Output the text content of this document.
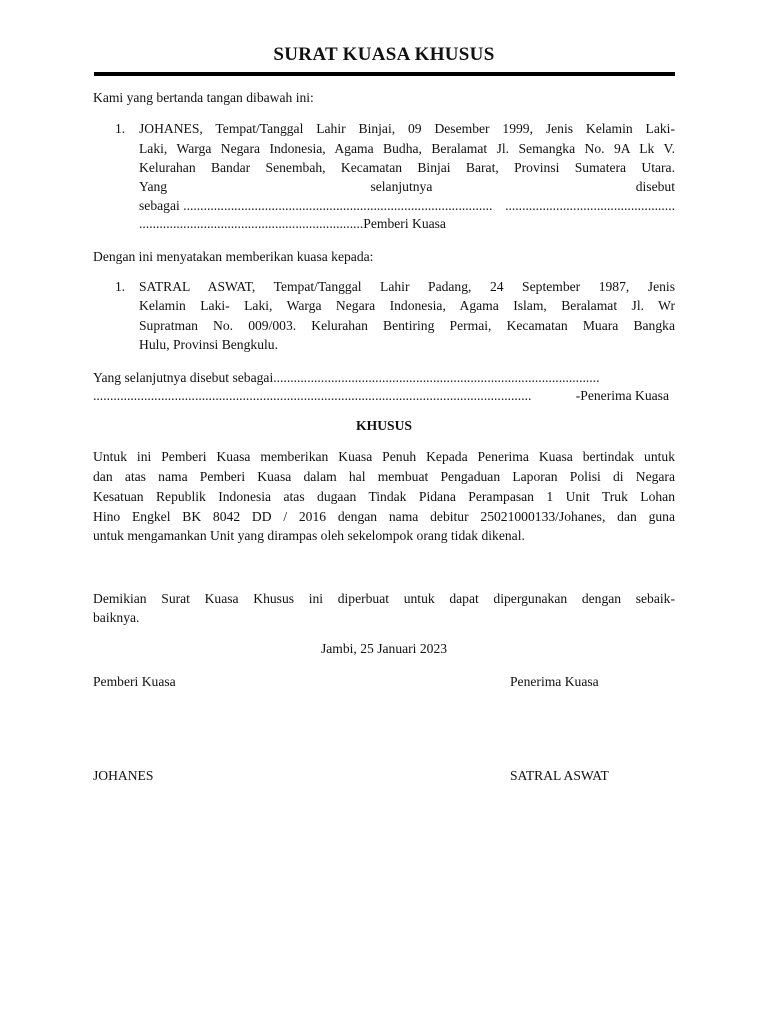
SURAT KUASA KHUSUS
Kami yang bertanda tangan dibawah ini:
1. JOHANES, Tempat/Tanggal Lahir Binjai, 09 Desember 1999, Jenis Kelamin Laki-
Laki, Warga Negara Indonesia, Agama Budha, Beralamat Jl. Semangka No. 9A Lk V.
Kelurahan Bandar Senembah, Kecamatan Binjai Barat, Provinsi Sumatera Utara.
Yang	selanjutnya	disebut
sebagai ........................................................................................... ..................................................
..................................................................Pemberi Kuasa
Dengan ini menyatakan memberikan kuasa kepada:
1. SATRAL ASWAT, Tempat/Tanggal Lahir Padang, 24 September 1987, Jenis
Kelamin Laki- Laki, Warga Negara Indonesia, Agama Islam, Beralamat Jl. Wr
Supratman No. 009/003. Kelurahan Bentiring Permai, Kecamatan Muara Bangka
Hulu, Provinsi Bengkulu.
Yang selanjutnya disebut sebagai ................................................................................................
.................................................................................................................................	-Penerima Kuasa
KHUSUS
Untuk ini Pemberi Kuasa memberikan Kuasa Penuh Kepada Penerima Kuasa bertindak untuk
dan atas nama Pemberi Kuasa dalam hal membuat Pengaduan Laporan Polisi di Negara
Kesatuan Republik Indonesia atas dugaan Tindak Pidana Perampasan 1 Unit Truk Lohan
Hino Engkel BK 8042 DD / 2016 dengan nama debitur 25021000133/Johanes, dan guna
untuk mengamankan Unit yang dirampas oleh sekelompok orang tidak dikenal.
Demikian Surat Kuasa Khusus ini diperbuat untuk dapat dipergunakan dengan sebaik-
baiknya.
Jambi, 25 Januari 2023
Pemberi Kuasa	Penerima Kuasa
JOHANES	SATRAL ASWAT
